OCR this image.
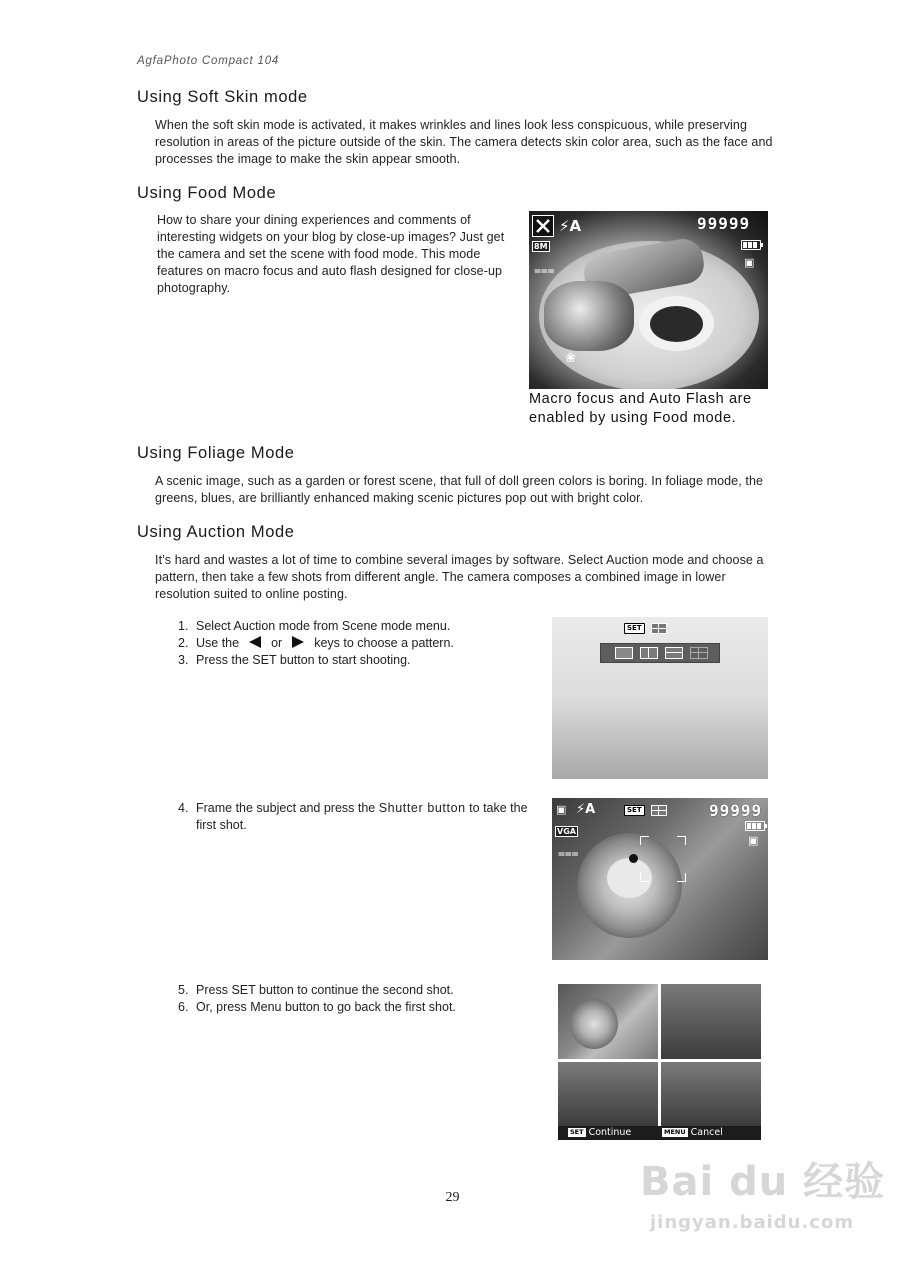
AgfaPhoto Compact 104
Using Soft Skin mode
When the soft skin mode is activated, it makes wrinkles and lines look less conspicuous, while preserving resolution in areas of the picture outside of the skin. The camera detects skin color area, such as the face and processes the image to make the skin appear smooth.
Using Food Mode
How to share your dining experiences and comments of interesting widgets on your blog by close-up images? Just get the camera and set the scene with food mode. This mode features on macro focus and auto flash designed for close-up photography.
⚡A	99999
8M
▣
⩶
❀
Macro focus and Auto Flash are enabled by using Food mode.
Using Foliage Mode
A scenic image, such as a garden or forest scene, that full of doll green colors is boring. In foliage mode, the greens, blues, are brilliantly enhanced making scenic pictures pop out with bright color.
Using Auction Mode
It’s hard and wastes a lot of time to combine several images by software. Select Auction mode and choose a pattern, then take a few shots from different angle. The camera composes a combined image in lower resolution suited to online posting.
1. Select Auction mode from Scene mode menu.
2. Use the	or	keys to choose a pattern.
3. Press the SET button to start shooting.
SET
4. Frame the subject and press the Shutter button to take the first shot.
▣ ⚡A	SET	99999
▣
VGA
⩶
5. Press SET button to continue the second shot.
6. Or, press Menu button to go back the first shot.
SET Continue	MENU Cancel
29	Bai du 经验
jingyan.baidu.com
